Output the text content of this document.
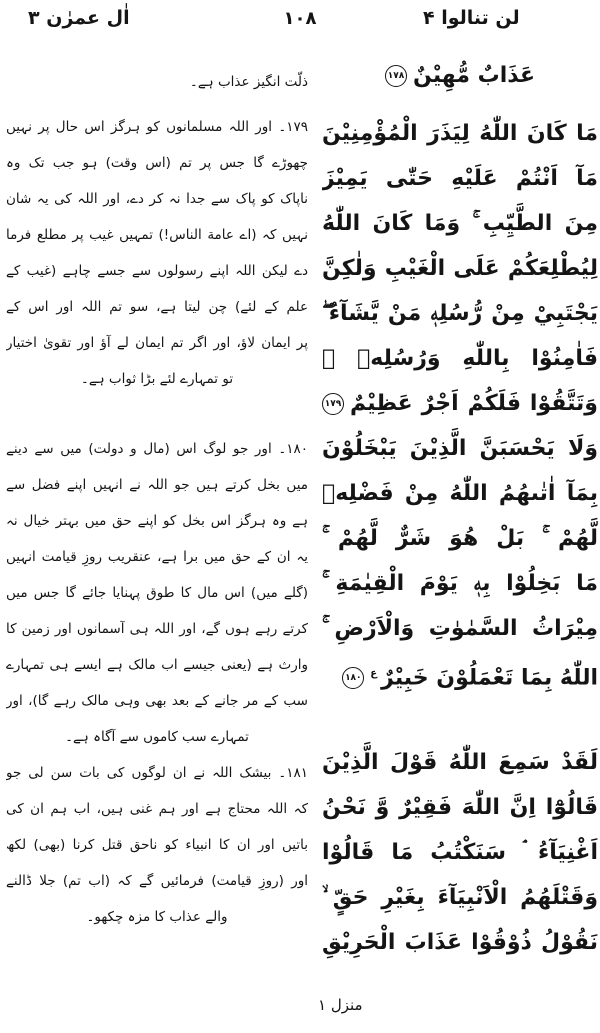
لن تنالوا ۴
۱۰۸
اٰل عمرٰن ۳
عَذَابٌ مُّهِيْنٌ۱۷۸
مَا كَانَ اللّٰهُ لِيَذَرَ الْمُؤْمِنِيْنَ
مَآ اَنْتُمْ عَلَيْهِ حَتّٰى يَمِيْزَ
مِنَ الطَّيِّبِ ۚ وَمَا كَانَ اللّٰهُ
لِيُطْلِعَكُمْ عَلَى الْغَيْبِ وَلٰكِنَّ
يَجْتَبِيْ مِنْ رُّسُلِهٖ مَنْ يَّشَآءُ ۖ
فَاٰمِنُوْا بِاللّٰهِ وَرُسُلِهٖ ۚ
وَتَتَّقُوْا فَلَكُمْ اَجْرٌ عَظِيْمٌ۱۷۹
وَلَا يَحْسَبَنَّ الَّذِيْنَ يَبْخَلُوْنَ
بِمَآ اٰتٰىهُمُ اللّٰهُ مِنْ فَضْلِهٖ
لَّهُمْ ۚ بَلْ هُوَ شَرٌّ لَّهُمْ ۚ
مَا بَخِلُوْا بِهٖ يَوْمَ الْقِيٰمَةِ ۚ
مِيْرَاثُ السَّمٰوٰتِ وَالْاَرْضِ ۚ
اللّٰهُ بِمَا تَعْمَلُوْنَ خَبِيْرٌ$^ع$۱۸۰
لَقَدْ سَمِعَ اللّٰهُ قَوْلَ الَّذِيْنَ
قَالُوْٓا اِنَّ اللّٰهَ فَقِيْرٌ وَّ نَحْنُ
اَغْنِيَآءُ ۘ سَنَكْتُبُ مَا قَالُوْا
وَقَتْلَهُمُ الْاَنْبِيَآءَ بِغَيْرِ حَقٍّ ۙ
نَقُوْلُ ذُوْقُوْا عَذَابَ الْحَرِيْقِ
ذلّت انگیز عذاب ہے۔
۱۷۹۔ اور اللہ مسلمانوں کو ہرگز اس حال پر نہیں
چھوڑے گا جس پر تم (اس وقت) ہو جب تک وہ
ناپاک کو پاک سے جدا نہ کر دے، اور اللہ کی یہ شان
نہیں کہ (اے عامة الناس!) تمہیں غیب پر مطلع فرما
دے لیکن اللہ اپنے رسولوں سے جسے چاہے (غیب کے
علم کے لئے) چن لیتا ہے، سو تم اللہ اور اس کے
پر ایمان لاؤ، اور اگر تم ایمان لے آؤ اور تقویٰ اختیار
تو تمہارے لئے بڑا ثواب ہے۔
۱۸۰۔ اور جو لوگ اس (مال و دولت) میں سے دینے
میں بخل کرتے ہیں جو اللہ نے انہیں اپنے فضل سے
ہے وہ ہرگز اس بخل کو اپنے حق میں بہتر خیال نہ
یہ ان کے حق میں برا ہے، عنقریب روزِ قیامت انہیں
(گلے میں) اس مال کا طوق پہنایا جائے گا جس میں
کرتے رہے ہوں گے، اور اللہ ہی آسمانوں اور زمین کا
وارث ہے (یعنی جیسے اب مالک ہے ایسے ہی تمہارے
سب کے مر جانے کے بعد بھی وہی مالک رہے گا)، اور
تمہارے سب کاموں سے آگاہ ہے۔
۱۸۱۔ بیشک اللہ نے ان لوگوں کی بات سن لی جو
کہ اللہ محتاج ہے اور ہم غنی ہیں، اب ہم ان کی
باتیں اور ان کا انبیاء کو ناحق قتل کرنا (بھی) لکھ
اور (روزِ قیامت) فرمائیں گے کہ (اب تم) جلا ڈالنے
والے عذاب کا مزہ چکھو۔
منزل ۱
